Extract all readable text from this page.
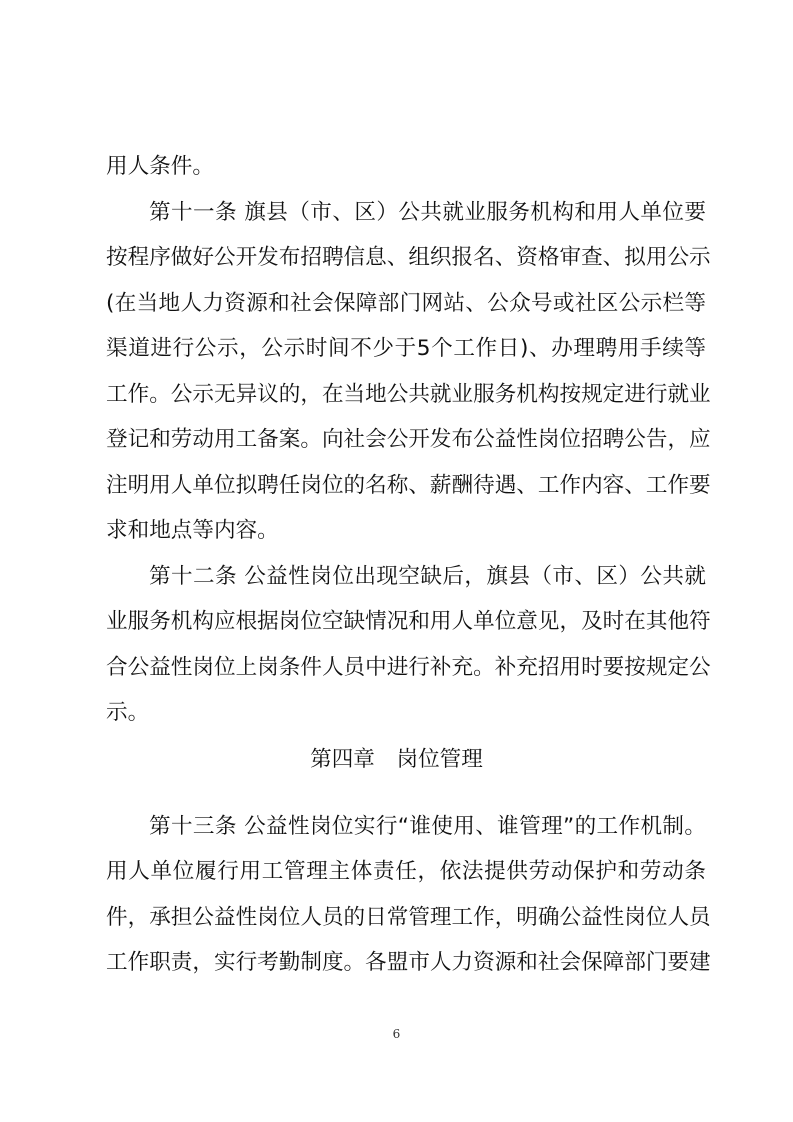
用人条件。
第十一条 旗县（市、区）公共就业服务机构和用人单位要
按程序做好公开发布招聘信息、组织报名、资格审查、拟用公示
(在当地人力资源和社会保障部门网站、公众号或社区公示栏等
渠道进行公示，公示时间不少于5个工作日)、办理聘用手续等
工作。公示无异议的，在当地公共就业服务机构按规定进行就业
登记和劳动用工备案。向社会公开发布公益性岗位招聘公告，应
注明用人单位拟聘任岗位的名称、薪酬待遇、工作内容、工作要
求和地点等内容。
第十二条 公益性岗位出现空缺后，旗县（市、区）公共就
业服务机构应根据岗位空缺情况和用人单位意见，及时在其他符
合公益性岗位上岗条件人员中进行补充。补充招用时要按规定公
示。
第四章　岗位管理
第十三条 公益性岗位实行“谁使用、谁管理”的工作机制。
用人单位履行用工管理主体责任，依法提供劳动保护和劳动条
件，承担公益性岗位人员的日常管理工作，明确公益性岗位人员
工作职责，实行考勤制度。各盟市人力资源和社会保障部门要建
6
